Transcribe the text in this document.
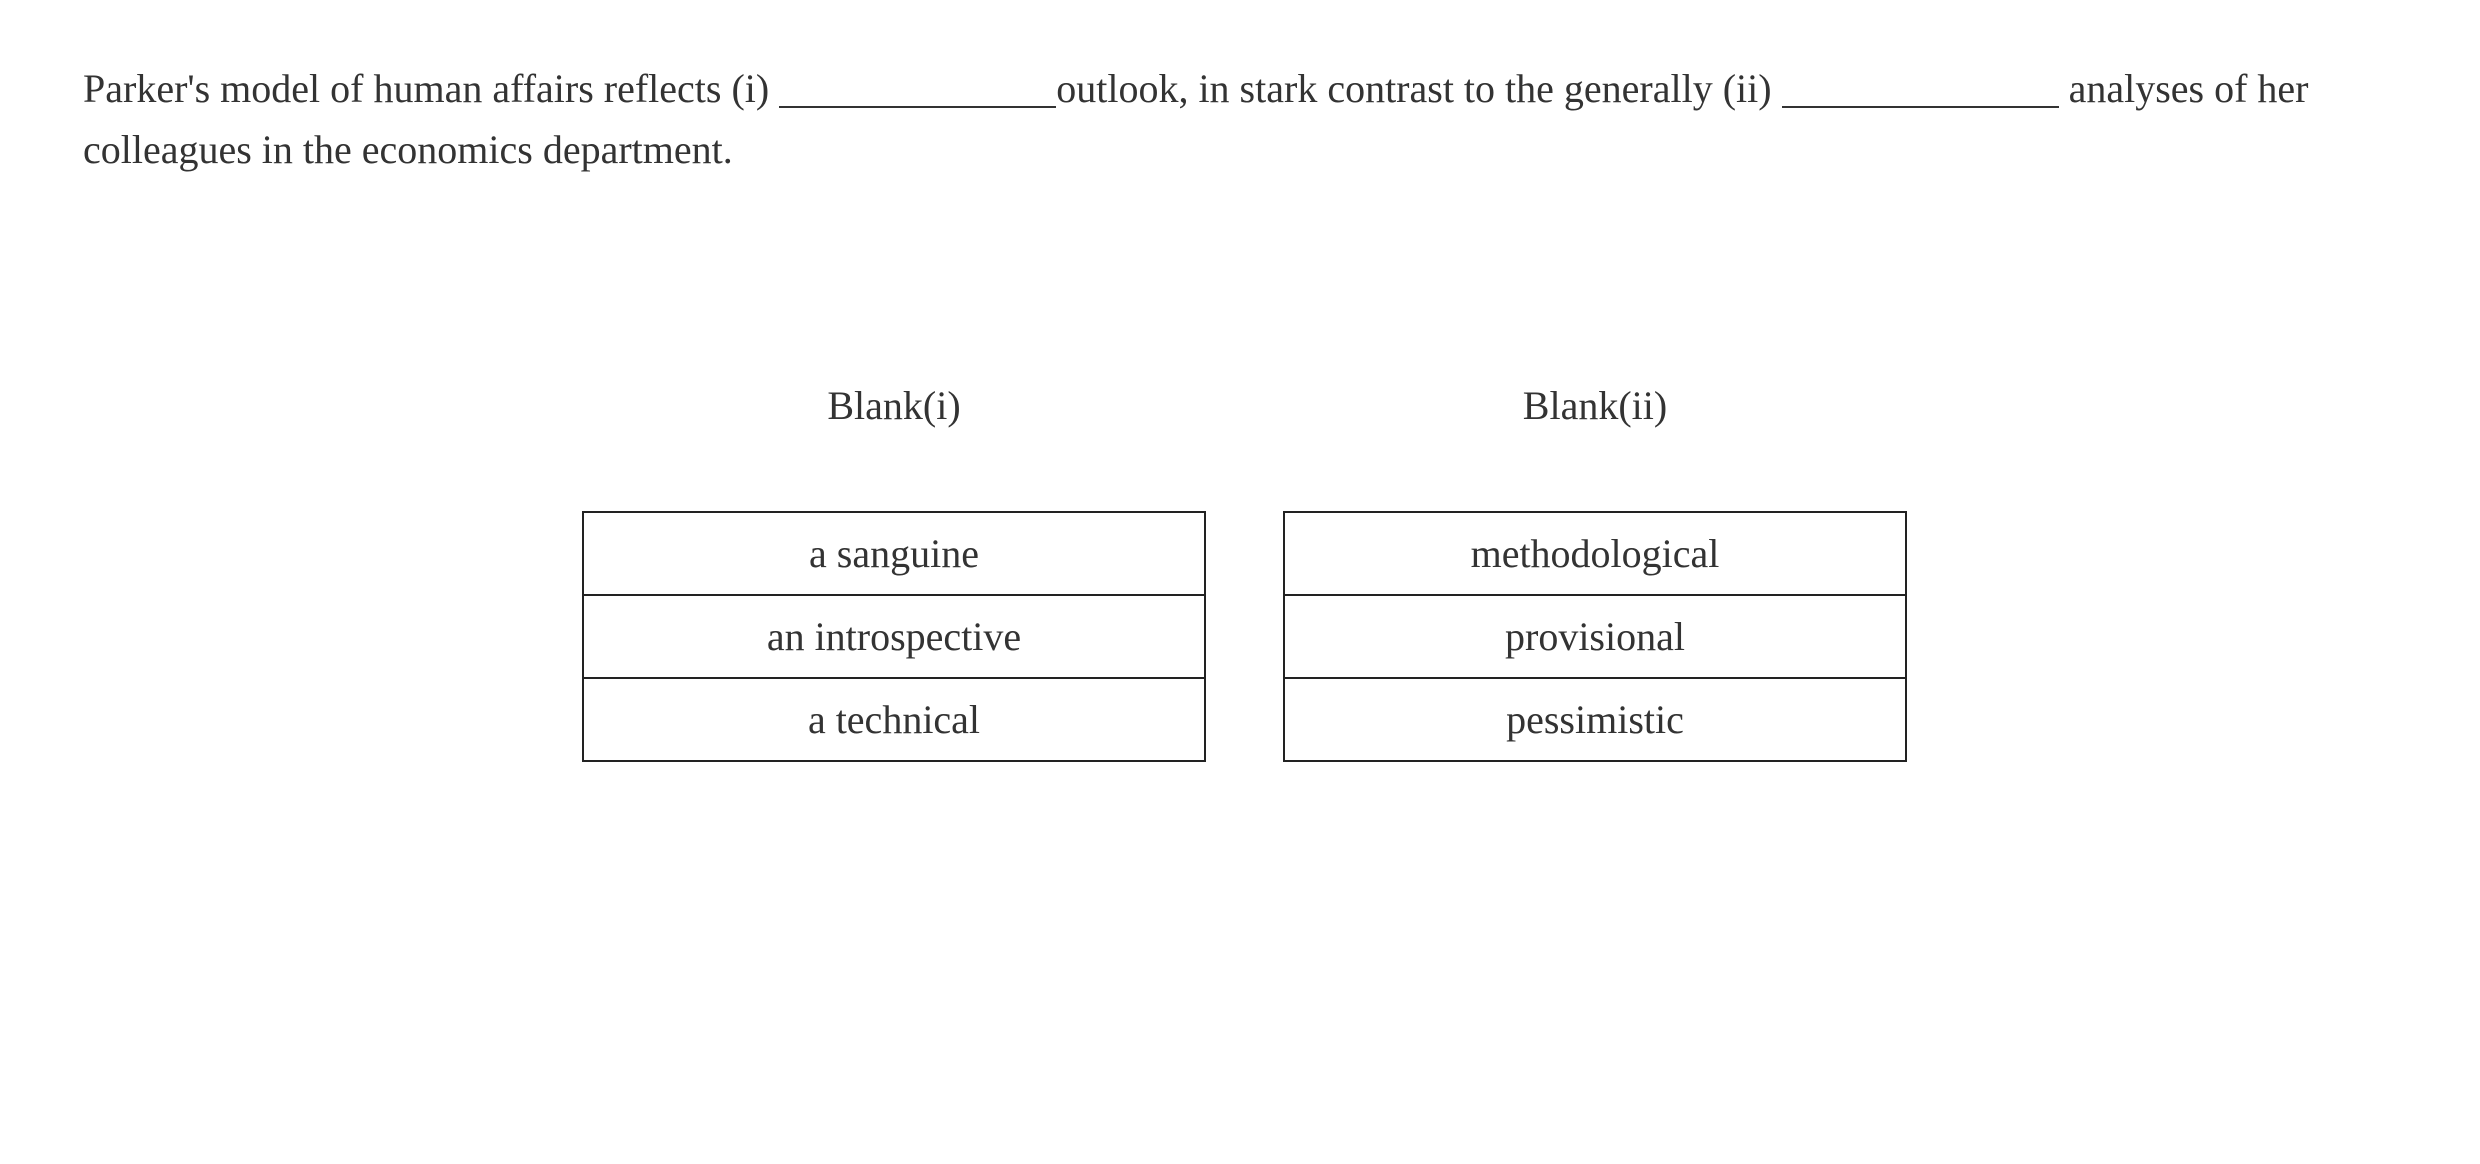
Parker's model of human affairs reflects (i)	outlook, in stark contrast to the generally (ii)	analyses of her colleagues in the economics department.

Blank(i)
a sanguine
an introspective
a technical
Blank(ii)
methodological
provisional
pessimistic
